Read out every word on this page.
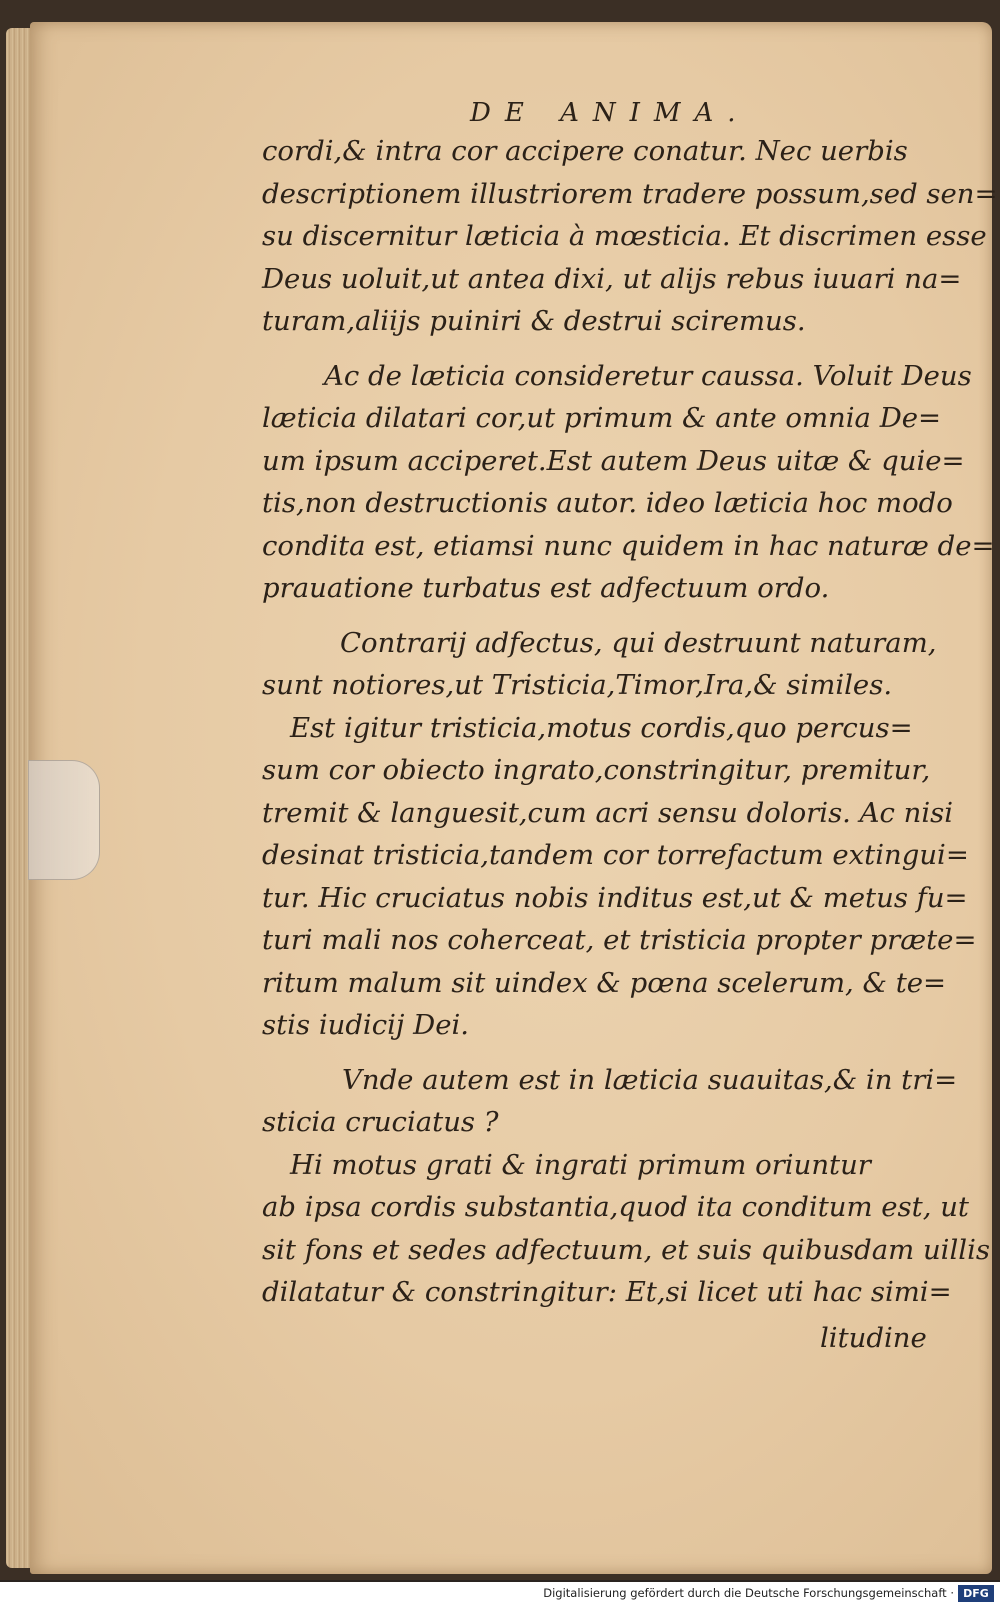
DE ANIMA.
cordi,& intra cor accipere conatur. Nec uerbis
descriptionem illustriorem tradere possum,sed sen=
su discernitur læticia à mœsticia. Et discrimen esse
Deus uoluit,ut antea dixi, ut alijs rebus iuuari na=
turam,aliijs puiniri & destrui sciremus.
Ac de læticia consideretur caussa. Voluit Deus
læticia dilatari cor,ut primum & ante omnia De=
um ipsum acciperet.Est autem Deus uitæ & quie=
tis,non destructionis autor. ideo læticia hoc modo
condita est, etiamsi nunc quidem in hac naturæ de=
prauatione turbatus est adfectuum ordo.
Contrarij adfectus, qui destruunt naturam,
sunt notiores,ut Tristicia,Timor,Ira,& similes.
Est igitur tristicia,motus cordis,quo percus=
sum cor obiecto ingrato,constringitur, premitur,
tremit & languesit,cum acri sensu doloris. Ac nisi
desinat tristicia,tandem cor torrefactum extingui=
tur. Hic cruciatus nobis inditus est,ut & metus fu=
turi mali nos coherceat, et tristicia propter præte=
ritum malum sit uindex & pœna scelerum, & te=
stis iudicij Dei.
Vnde autem est in læticia suauitas,& in tri=
sticia cruciatus ?
Hi motus grati & ingrati primum oriuntur
ab ipsa cordis substantia,quod ita conditum est, ut
sit fons et sedes adfectuum, et suis quibusdam uillis
dilatatur & constringitur: Et,si licet uti hac simi=
litudine
Digitalisierung gefördert durch die Deutsche Forschungsgemeinschaft · DFG
